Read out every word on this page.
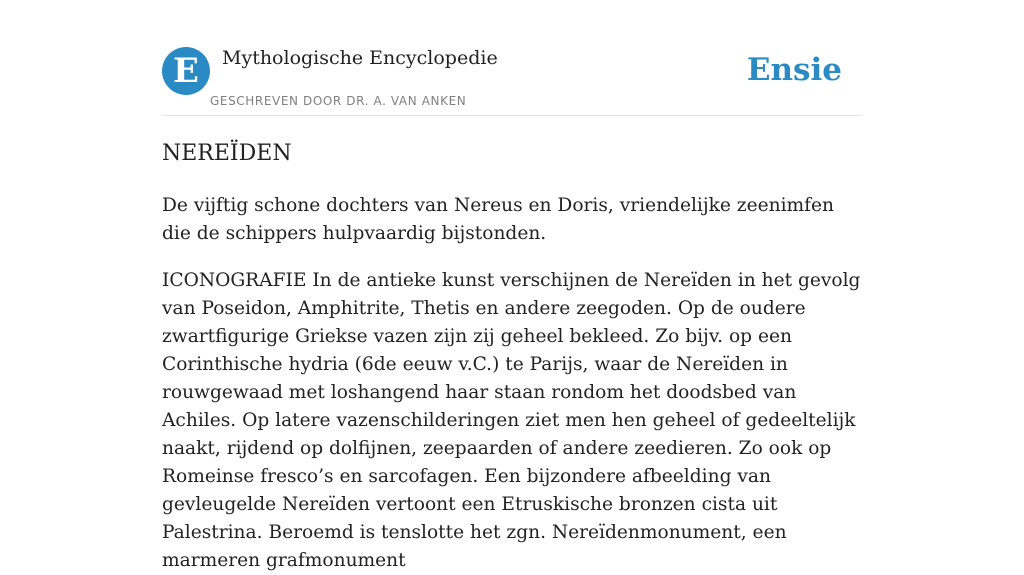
E	Mythologische Encyclopedie
GESCHREVEN DOOR DR. A. VAN ANKEN
Ensie
NEREÏDEN

De vijftig schone dochters van Nereus en Doris, vriendelijke zeenimfen die de schippers hulpvaardig bijstonden.

ICONOGRAFIE In de antieke kunst verschijnen de Nereïden in het gevolg van Poseidon, Amphitrite, Thetis en andere zeegoden. Op de oudere zwartfigurige Griekse vazen zijn zij geheel bekleed. Zo bijv. op een Corinthische hydria (6de eeuw v.C.) te Parijs, waar de Nereïden in rouwgewaad met loshangend haar staan rondom het doodsbed van Achiles. Op latere vazenschilderingen ziet men hen geheel of gedeeltelijk naakt, rijdend op dolfijnen, zeepaarden of andere zeedieren. Zo ook op Romeinse fresco’s en sarcofagen. Een bijzondere afbeelding van gevleugelde Nereïden vertoont een Etruskische bronzen cista uit Palestrina. Beroemd is tenslotte het zgn. Nereïdenmonument, een marmeren grafmonument
